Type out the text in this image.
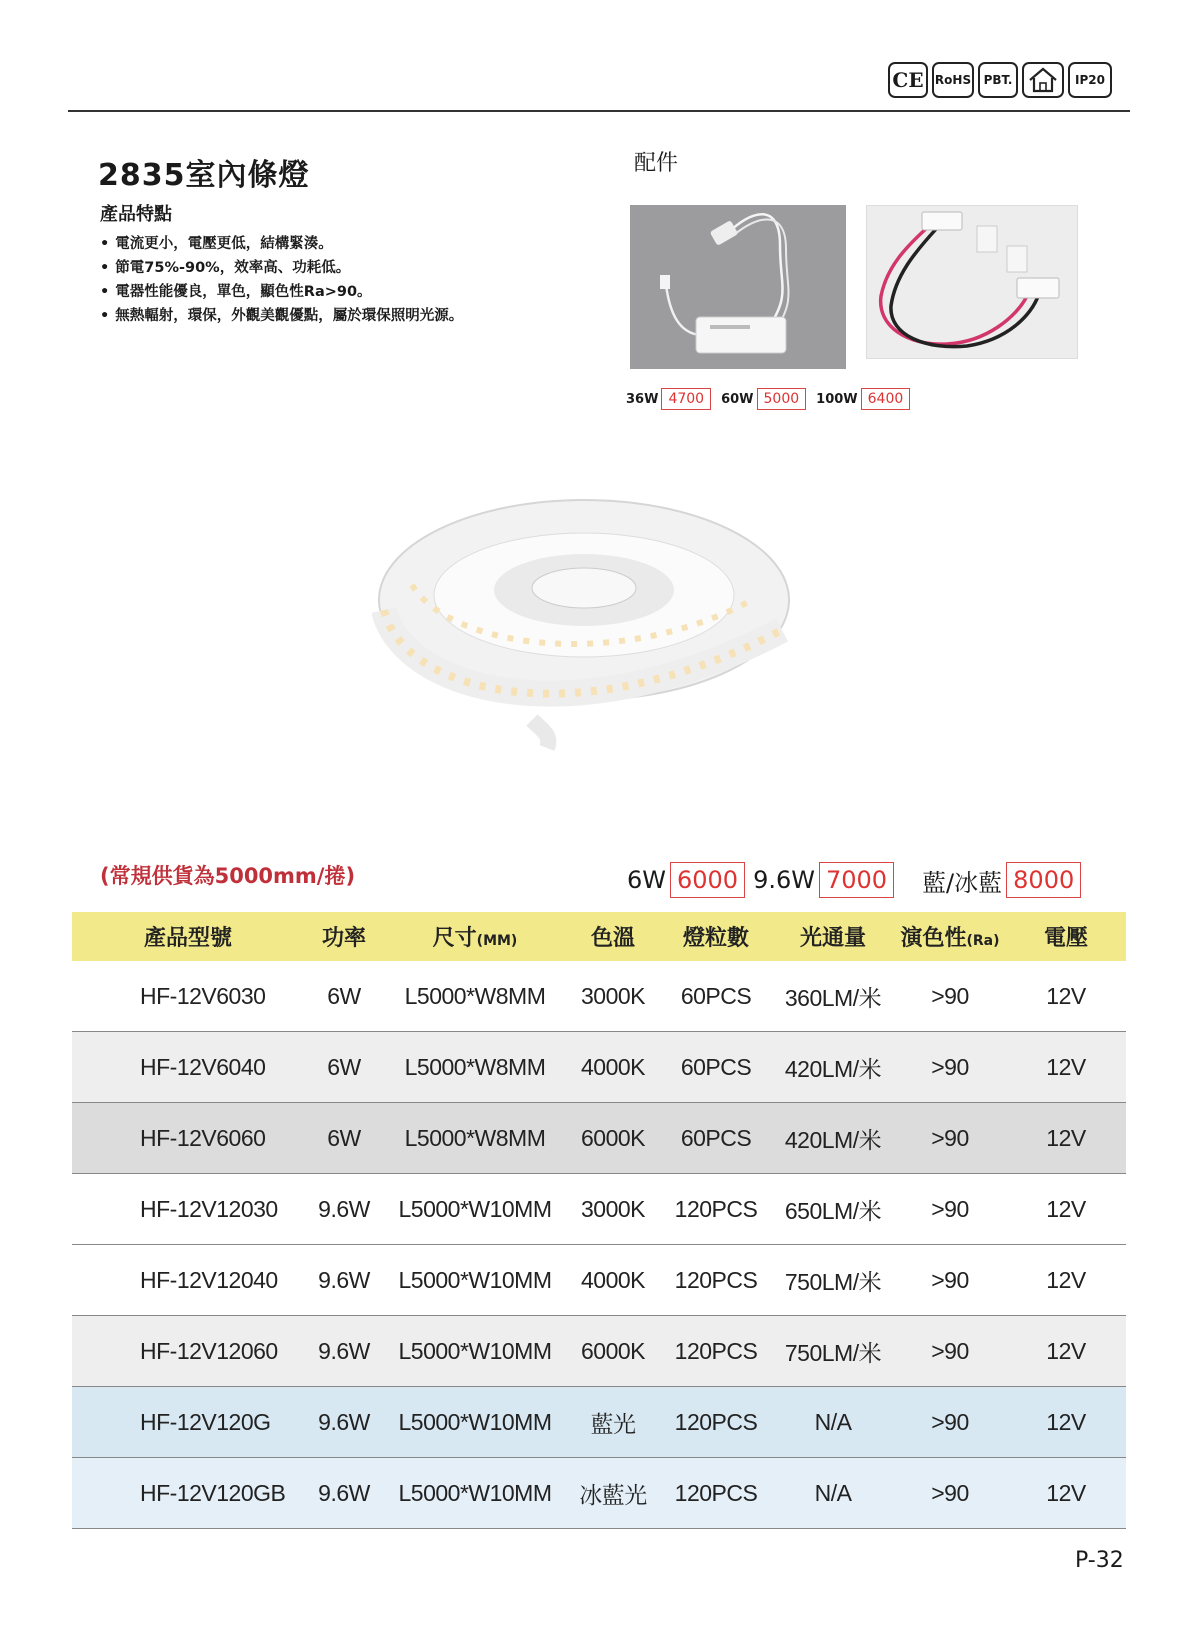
CE RoHS	PBT.	IP20
2835室內條燈
產品特點
• 電流更小，電壓更低，結構緊湊。
• 節電75%-90%，效率高、功耗低。
• 電器性能優良，單色，顯色性Ra>90。
• 無熱輻射，環保，外觀美觀優點，屬於環保照明光源。
配件
36W 4700	60W 5000	100W 6400
(常規供貨為5000mm/捲)	6W 6000 9.6W 7000 藍/冰藍 8000
產品型號	功率	尺寸(MM)	色溫	燈粒數	光通量	演色性(Ra)	電壓
HF-12V6030	6W	L5000*W8MM	3000K	60PCS	360LM/米	>90	12V
HF-12V6040	6W	L5000*W8MM	4000K	60PCS	420LM/米	>90	12V
HF-12V6060	6W	L5000*W8MM	6000K	60PCS	420LM/米	>90	12V
HF-12V12030	9.6W	L5000*W10MM	3000K	120PCS	650LM/米	>90	12V
HF-12V12040	9.6W	L5000*W10MM	4000K	120PCS	750LM/米	>90	12V
HF-12V12060	9.6W	L5000*W10MM	6000K	120PCS	750LM/米	>90	12V
HF-12V120G	9.6W	L5000*W10MM	藍光	120PCS	N/A	>90	12V
HF-12V120GB	9.6W	L5000*W10MM	冰藍光	120PCS	N/A	>90	12V
P-32
